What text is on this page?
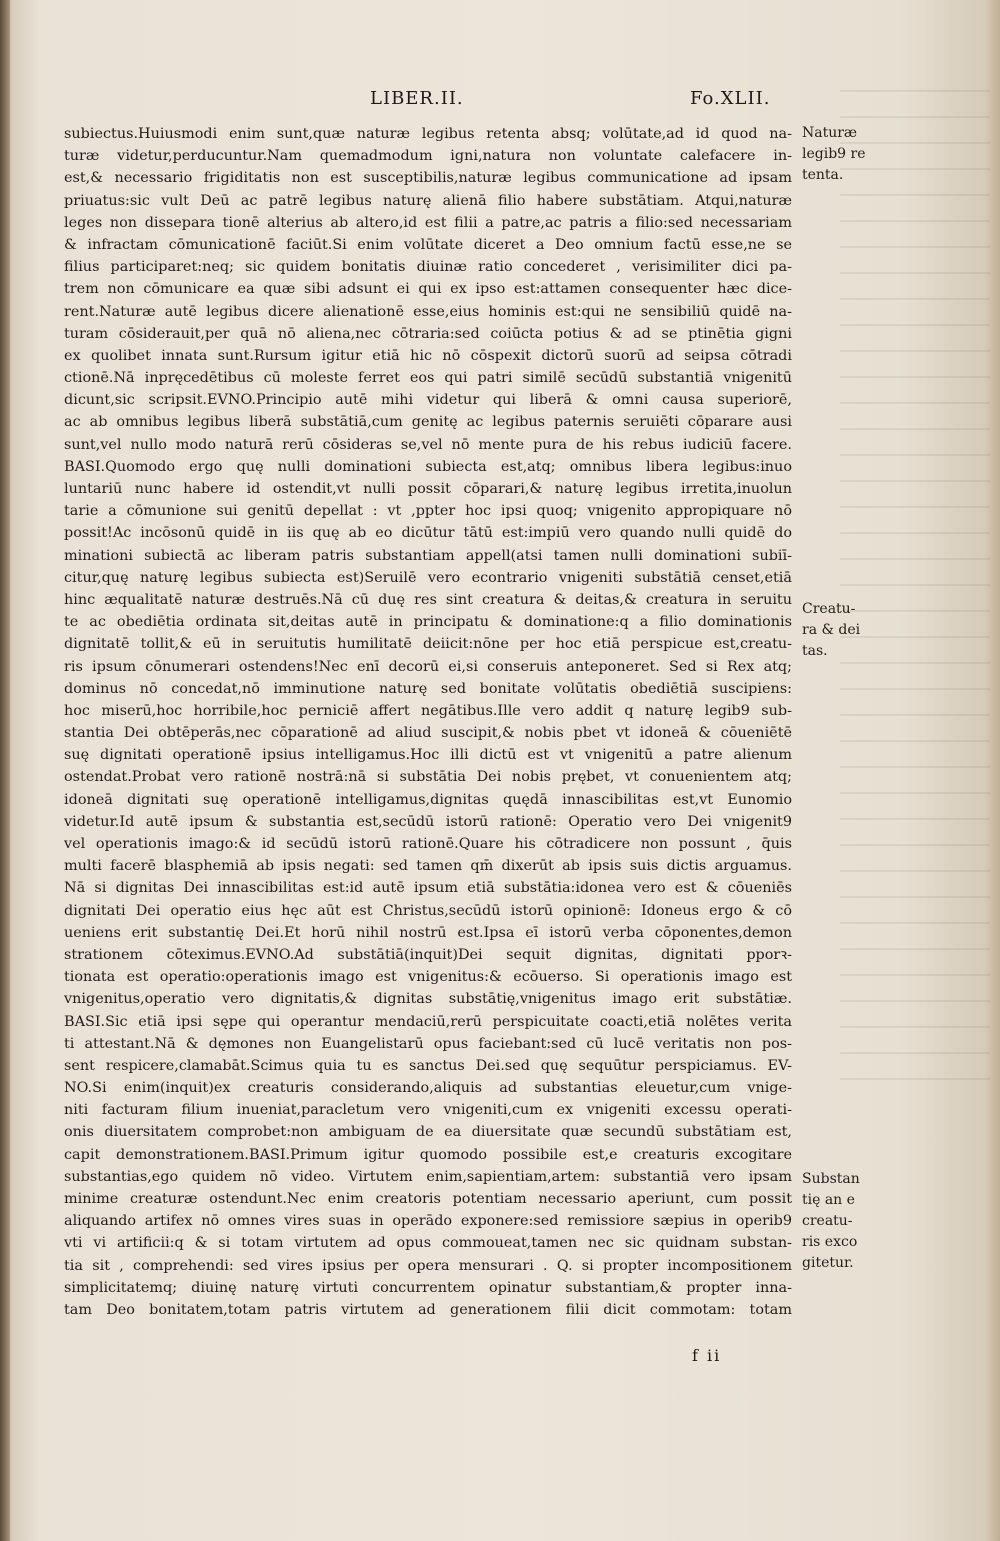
LIBER.II.	Fo.XLII.
subiectus.Huiusmodi enim sunt,quæ naturæ legibus retenta absq; volūtate,ad id quod na-
turæ videtur,perducuntur.Nam quemadmodum igni,natura non voluntate calefacere in-
est,& necessario frigiditatis non est susceptibilis,naturæ legibus communicatione ad ipsam
priuatus:sic vult Deū ac patrē legibus naturę alienā filio habere substātiam. Atqui,naturæ
leges non dissepara tionē alterius ab altero,id est filii a patre,ac patris a filio:sed necessariam
& infractam cōmunicationē faciūt.Si enim volūtate diceret a Deo omnium factū esse,ne se
filius participaret:neq; sic quidem bonitatis diuinæ ratio concederet , verisimiliter dici pa-
trem non cōmunicare ea quæ sibi adsunt ei qui ex ipso est:attamen consequenter hæc dice-
rent.Naturæ autē legibus dicere alienationē esse,eius hominis est:qui ne sensibiliū quidē na-
turam cōsiderauit,per quā nō aliena,nec cōtraria:sed coiūcta potius & ad se ptinētia gigni
ex quolibet innata sunt.Rursum igitur etiā hic nō cōspexit dictorū suorū ad seipsa cōtradi
ctionē.Nā inpręcedētibus cū moleste ferret eos qui patri similē secūdū substantiā vnigenitū
dicunt,sic scripsit.EVNO.Principio autē mihi videtur qui liberā & omni causa superiorē,
ac ab omnibus legibus liberā substātiā,cum genitę ac legibus paternis seruiēti cōparare ausi
sunt,vel nullo modo naturā rerū cōsideras se,vel nō mente pura de his rebus iudiciū facere.
BASI.Quomodo ergo quę nulli dominationi subiecta est,atq; omnibus libera legibus:inuo
luntariū nunc habere id ostendit,vt nulli possit cōparari,& naturę legibus irretita,inuolun
tarie a cōmunione sui genitū depellat : vt ,ppter hoc ipsi quoq; vnigenito appropiquare nō
possit!Ac incōsonū quidē in iis quę ab eo dicūtur tātū est:impiū vero quando nulli quidē do
minationi subiectā ac liberam patris substantiam appell(atsi tamen nulli dominationi subiī-
citur,quę naturę legibus subiecta est)Seruilē vero econtrario vnigeniti substātiā censet,etiā
hinc æqualitatē naturæ destruēs.Nā cū duę res sint creatura & deitas,& creatura in seruitu
te ac obediētia ordinata sit,deitas autē in principatu & dominatione:q a filio dominationis
dignitatē tollit,& eū in seruitutis humilitatē deiicit:nōne per hoc etiā perspicue est,creatu-
ris ipsum cōnumerari ostendens!Nec enī decorū ei,si conseruis anteponeret. Sed si Rex atq;
dominus nō concedat,nō imminutione naturę sed bonitate volūtatis obediētiā suscipiens:
hoc miserū,hoc horribile,hoc perniciē affert negātibus.Ille vero addit q naturę legib9 sub-
stantia Dei obtēperās,nec cōparationē ad aliud suscipit,& nobis pbet vt idoneā & cōueniētē
suę dignitati operationē ipsius intelligamus.Hoc illi dictū est vt vnigenitū a patre alienum
ostendat.Probat vero rationē nostrā:nā si substātia Dei nobis prębet, vt conuenientem atq;
idoneā dignitati suę operationē intelligamus,dignitas quędā innascibilitas est,vt Eunomio
videtur.Id autē ipsum & substantia est,secūdū istorū rationē: Operatio vero Dei vnigenit9
vel operationis imago:& id secūdū istorū rationē.Quare his cōtradicere non possunt , q̄uis
multi facerē blasphemiā ab ipsis negati: sed tamen qm̄ dixerūt ab ipsis suis dictis arguamus.
Nā si dignitas Dei innascibilitas est:id autē ipsum etiā substātia:idonea vero est & cōueniēs
dignitati Dei operatio eius hęc aūt est Christus,secūdū istorū opinionē: Idoneus ergo & cō
ueniens erit substantię Dei.Et horū nihil nostrū est.Ipsa eī istorū verba cōponentes,demon
strationem cōteximus.EVNO.Ad substātiā(inquit)Dei sequit dignitas, dignitati pporꝛ-
tionata est operatio:operationis imago est vnigenitus:& ecōuerso. Si operationis imago est
vnigenitus,operatio vero dignitatis,& dignitas substātię,vnigenitus imago erit substātiæ.
BASI.Sic etiā ipsi sępe qui operantur mendaciū,rerū perspicuitate coacti,etiā nolētes verita
ti attestant.Nā & dęmones non Euangelistarū opus faciebant:sed cū lucē veritatis non pos-
sent respicere,clamabāt.Scimus quia tu es sanctus Dei.sed quę sequūtur perspiciamus. EV-
NO.Si enim(inquit)ex creaturis considerando,aliquis ad substantias eleuetur,cum vnige-
niti facturam filium inueniat,paracletum vero vnigeniti,cum ex vnigeniti excessu operati-
onis diuersitatem comprobet:non ambiguam de ea diuersitate quæ secundū substātiam est,
capit demonstrationem.BASI.Primum igitur quomodo possibile est,e creaturis excogitare
substantias,ego quidem nō video. Virtutem enim,sapientiam,artem: substantiā vero ipsam
minime creaturæ ostendunt.Nec enim creatoris potentiam necessario aperiunt, cum possit
aliquando artifex nō omnes vires suas in operādo exponere:sed remissiore sæpius in operib9
vti vi artificii:q & si totam virtutem ad opus commoueat,tamen nec sic quidnam substan-
tia sit , comprehendi: sed vires ipsius per opera mensurari . Q. si propter incompositionem
simplicitatemq; diuinę naturę virtuti concurrentem opinatur substantiam,& propter inna-
tam Deo bonitatem,totam patris virtutem ad generationem filii dicit commotam: totam
Naturæ
legib9 re
tenta.
Creatu-
ra & dei
tas.
Substan
tię an e
creatu-
ris exco
gitetur.
f ii
